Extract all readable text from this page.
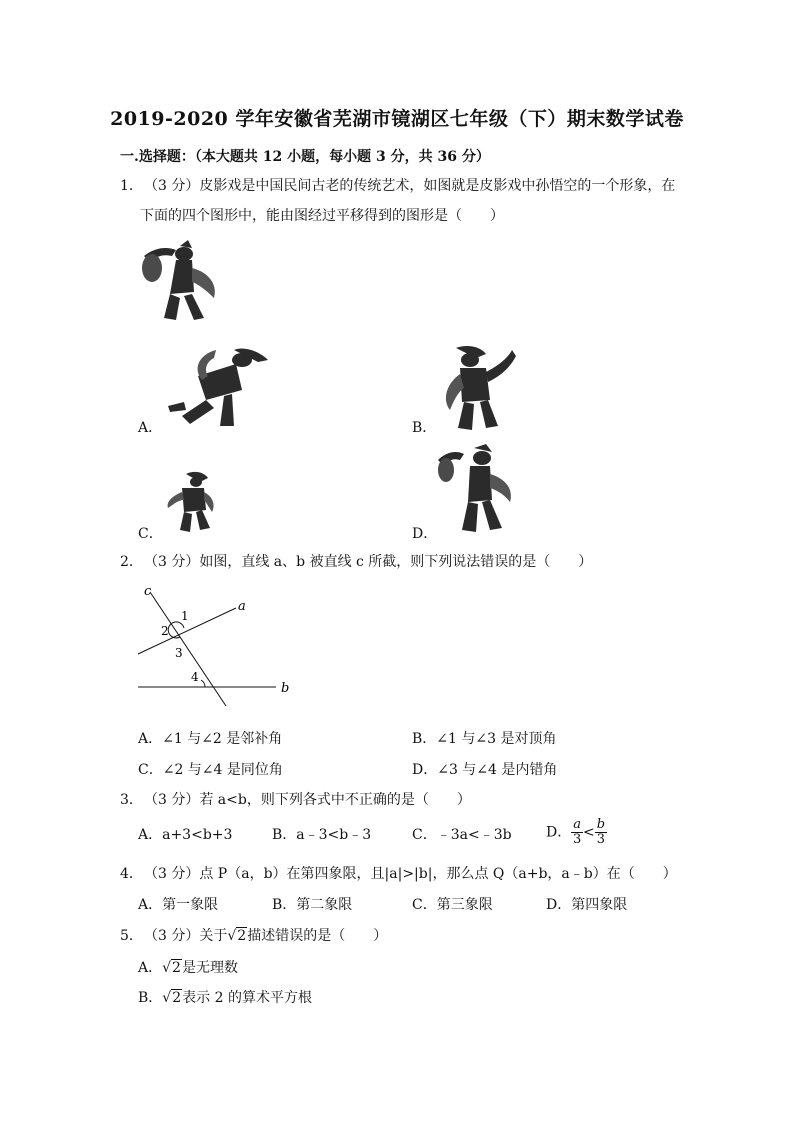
2019-2020 学年安徽省芜湖市镜湖区七年级（下）期末数学试卷
一.选择题：（本大题共 12 小题，每小题 3 分，共 36 分）
1． （3 分）皮影戏是中国民间古老的传统艺术，如图就是皮影戏中孙悟空的一个形象，在
下面的四个图形中，能由图经过平移得到的图形是（　　）
A．	B．
C．	D．
2． （3 分）如图，直线 a、b 被直线 c 所截，则下列说法错误的是（　　）
c
a
b
1
2
3
4
A．∠1 与∠2 是邻补角	B．∠1 与∠3 是对顶角
C．∠2 与∠4 是同位角	D．∠3 与∠4 是内错角
3． （3 分）若 a<b，则下列各式中不正确的是（　　）
A．a+3<b+3	B．a﹣3<b﹣3	C．﹣3a<﹣3b D． $\frac{a}{3} < \frac{b}{3}$
4． （3 分）点 P（a，b）在第四象限，且|a|>|b|，那么点 Q（a+b，a﹣b）在（　　）
A．第一象限	B．第二象限	C．第三象限	D．第四象限
5． （3 分）关于√2描述错误的是（　　）
A．√2是无理数
B．√2表示 2 的算术平方根
